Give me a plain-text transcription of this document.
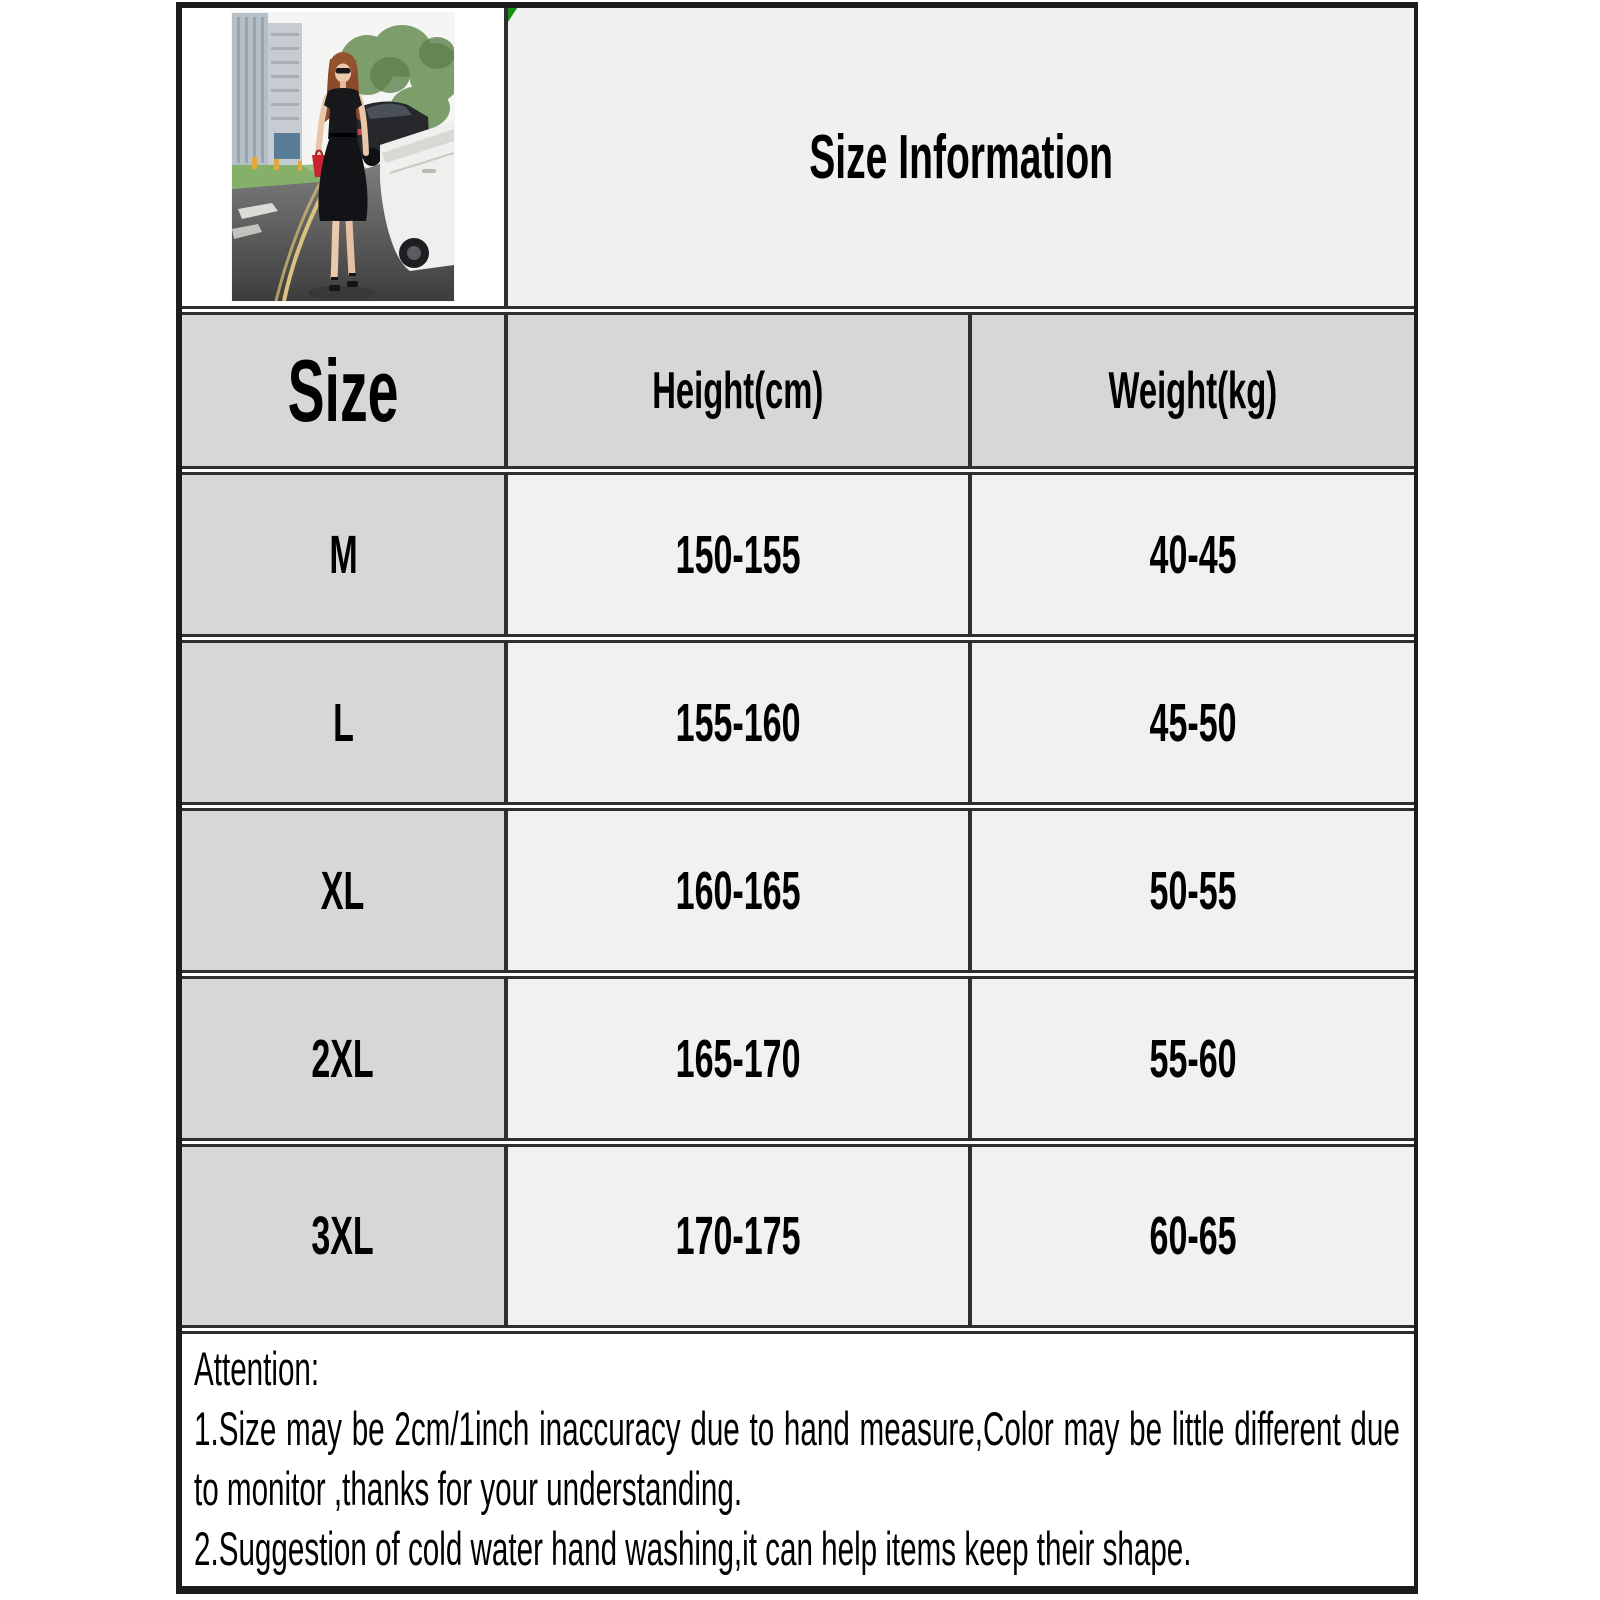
Size Information
Size	Height(cm)	Weight(kg)
M	150-155	40-45
L	155-160	45-50
XL	160-165	50-55
2XL	165-170	55-60
3XL	170-175	60-65
Attention:
1.Size may be 2cm/1inch inaccuracy due to hand measure,Color may be little different due to monitor ,thanks for your understanding.
2.Suggestion of cold water hand washing,it can help items keep their shape.
